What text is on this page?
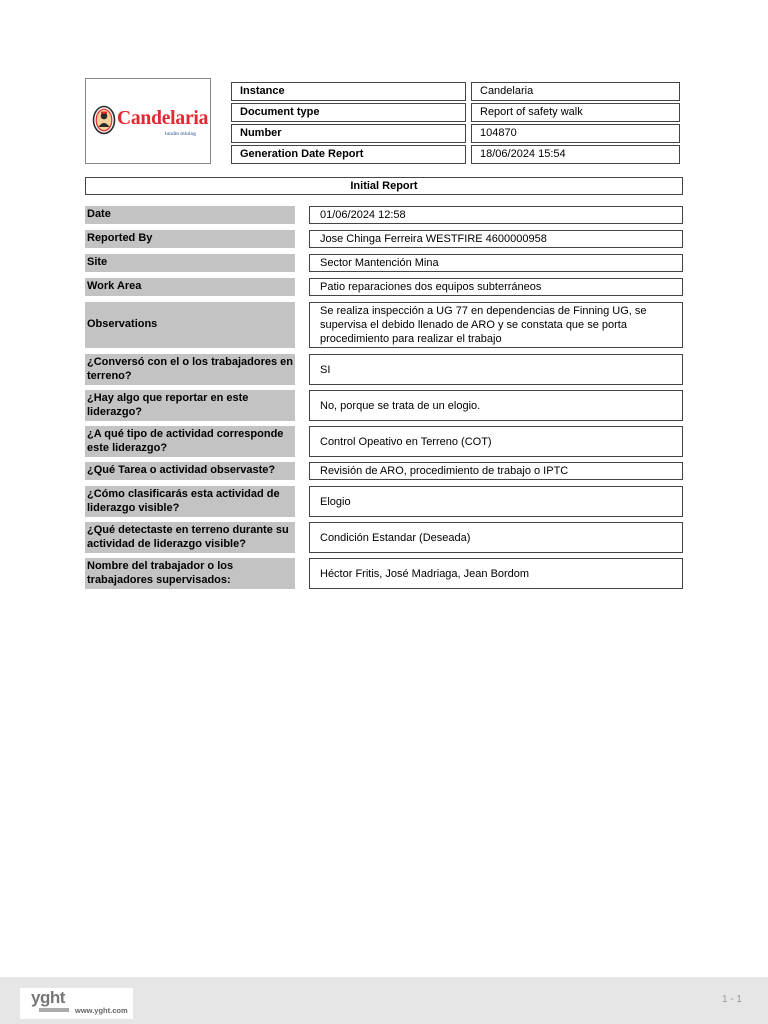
Candelaria
lundin mining
Instance	Candelaria
Document type	Report of safety walk
Number	104870
Generation Date Report	18/06/2024 15:54
Initial Report
Date	01/06/2024 12:58
Reported By	Jose Chinga Ferreira WESTFIRE 4600000958
Site	Sector Mantención Mina
Work Area	Patio reparaciones dos equipos subterráneos
Observations
Se realiza inspección a UG 77 en dependencias de Finning UG, se supervisa el debido llenado de ARO y se constata que se porta procedimiento para realizar el trabajo
¿Conversó con el o los trabajadores en terreno?	SI
¿Hay algo que reportar en este liderazgo?	No, porque se trata de un elogio.
¿A qué tipo de actividad corresponde este liderazgo?	Control Opeativo en Terreno (COT)
¿Qué Tarea o actividad observaste?	Revisión de ARO, procedimiento de trabajo o IPTC
¿Cómo clasificarás esta actividad de liderazgo visible?	Elogio
¿Qué detectaste en terreno durante su actividad de liderazgo visible?	Condición Estandar (Deseada)
Nombre del trabajador o los trabajadores supervisados:	Héctor Fritis, José Madriaga, Jean Bordom
yght
www.yght.com
1 - 1
